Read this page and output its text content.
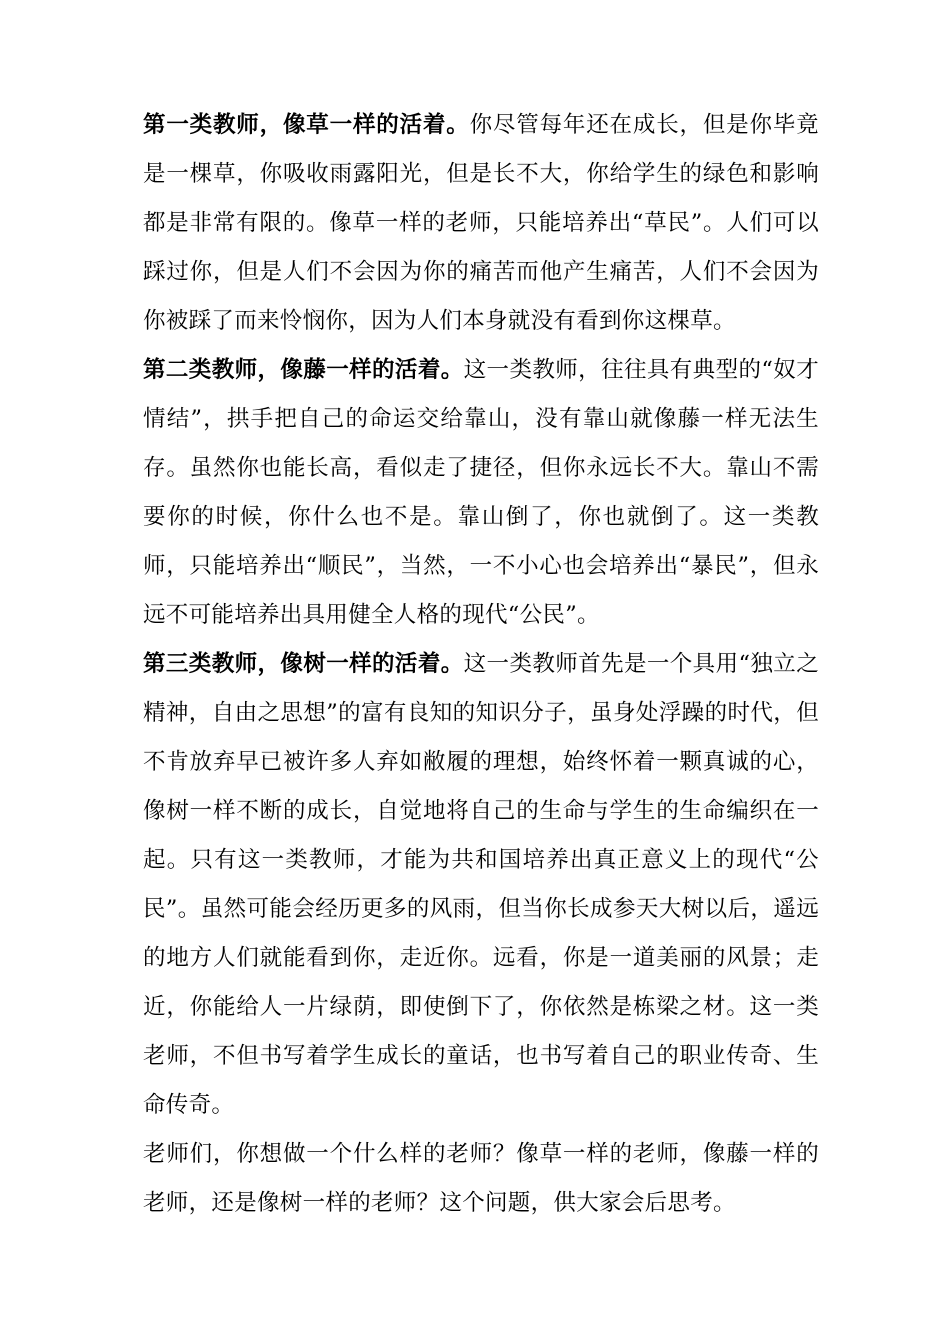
第一类教师，像草一样的活着。你尽管每年还在成长，但是你毕竟是一棵草，你吸收雨露阳光，但是长不大，你给学生的绿色和影响都是非常有限的。像草一样的老师，只能培养出“草民”。人们可以踩过你，但是人们不会因为你的痛苦而他产生痛苦，人们不会因为你被踩了而来怜悯你，因为人们本身就没有看到你这棵草。

第二类教师，像藤一样的活着。这一类教师，往往具有典型的“奴才情结”，拱手把自己的命运交给靠山，没有靠山就像藤一样无法生存。虽然你也能长高，看似走了捷径，但你永远长不大。靠山不需要你的时候，你什么也不是。靠山倒了，你也就倒了。这一类教师，只能培养出“顺民”，当然，一不小心也会培养出“暴民”，但永远不可能培养出具用健全人格的现代“公民”。

第三类教师，像树一样的活着。这一类教师首先是一个具用“独立之精神，自由之思想”的富有良知的知识分子，虽身处浮躁的时代，但不肯放弃早已被许多人弃如敝履的理想，始终怀着一颗真诚的心，像树一样不断的成长，自觉地将自己的生命与学生的生命编织在一起。只有这一类教师，才能为共和国培养出真正意义上的现代“公民”。虽然可能会经历更多的风雨，但当你长成参天大树以后，遥远的地方人们就能看到你，走近你。远看，你是一道美丽的风景；走近，你能给人一片绿荫，即使倒下了，你依然是栋梁之材。这一类老师，不但书写着学生成长的童话，也书写着自己的职业传奇、生命传奇。

老师们，你想做一个什么样的老师？像草一样的老师，像藤一样的老师，还是像树一样的老师？这个问题，供大家会后思考。
